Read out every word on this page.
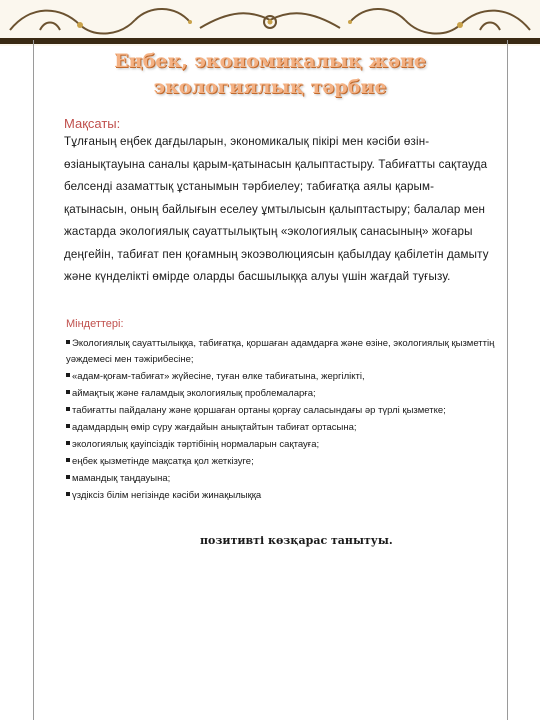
Еңбек, экономикалық және
экологиялық тәрбие
Мақсаты:
Тұлғаның еңбек дағдыларын, экономикалық пікірі мен кәсіби өзін-өзіанықтауына саналы қарым-қатынасын қалыптастыру. Табиғатты сақтауда белсенді азаматтық ұстанымын тәрбиелеу; табиғатқа аялы қарым-қатынасын, оның байлығын еселеу ұмтылысын қалыптастыру; балалар мен жастарда экологиялық сауаттылықтың «экологиялық санасының» жоғары деңгейін, табиғат пен қоғамның экоэволюциясын қабылдау қабілетін дамыту және күнделікті өмірде оларды басшылыққа алуы үшін жағдай туғызу.
Міндеттері:
Экологиялық сауаттылыққа, табиғатқа, қоршаған адамдарға және өзіне, экологиялық қызметтің уәждемесі мен тәжірибесіне;
«адам-қоғам-табиғат» жүйесіне, туған өлке табиғатына, жергілікті,
аймақтық және ғаламдық экологиялық проблемаларға;
табиғатты пайдалану және қоршаған ортаны қорғау саласындағы әр түрлі қызметке;
адамдардың өмір сүру жағдайын анықтайтын табиғат ортасына;
экологиялық қауіпсіздік тәртібінің нормаларын сақтауға;
еңбек қызметінде мақсатқа қол жеткізуге;
мамандық таңдауына;
үздіксіз білім негізінде кәсіби жинақылыққа
позитивті көзқарас танытуы.
